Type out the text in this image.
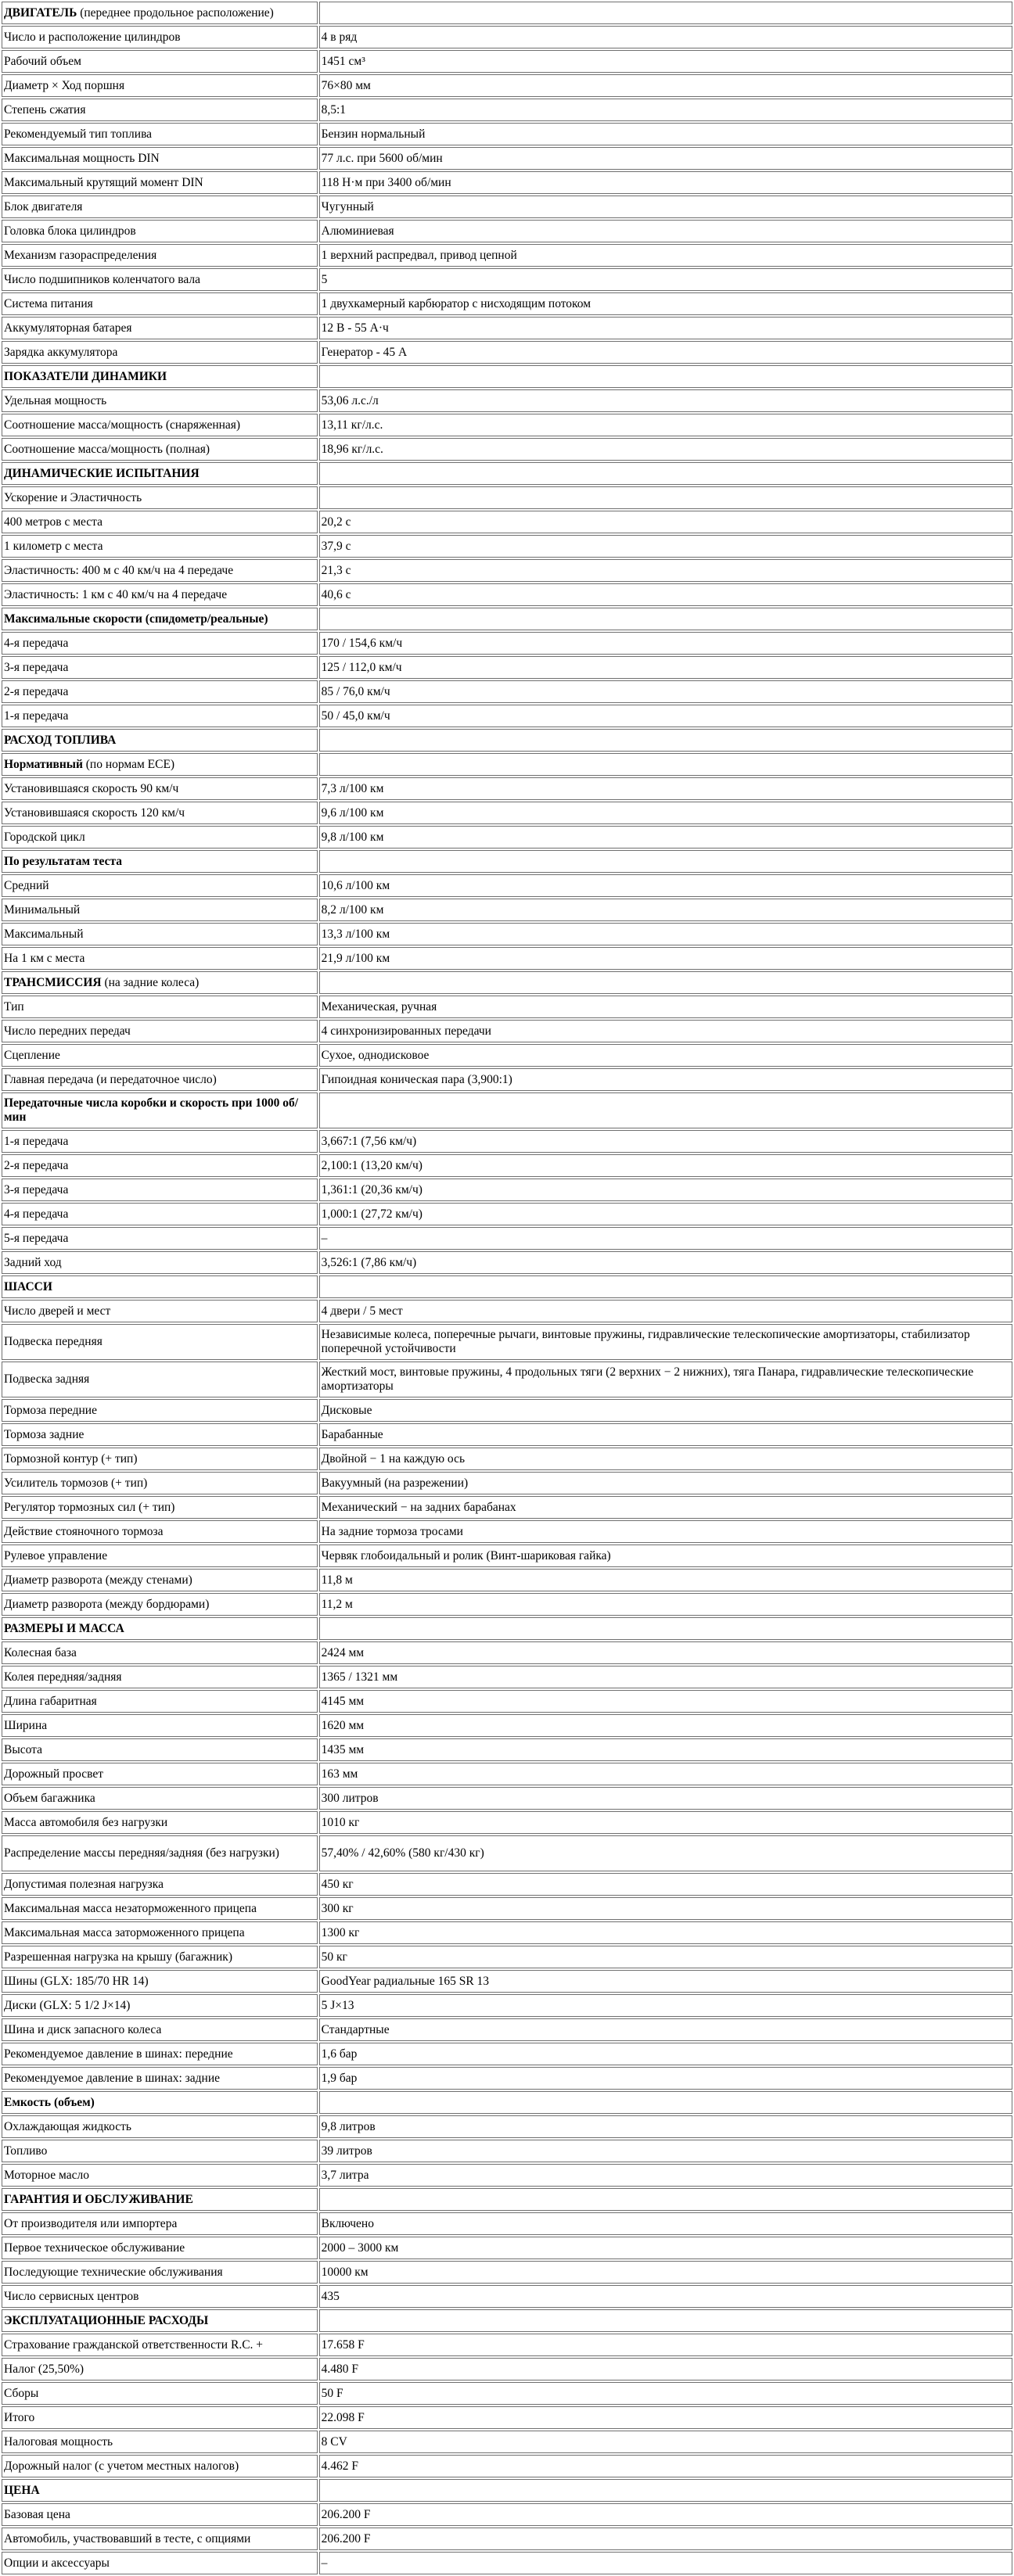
ДВИГАТЕЛЬ (переднее продольное расположение)	
Число и расположение цилиндров	4 в ряд
Рабочий объем	1451 см³
Диаметр × Ход поршня	76×80 мм
Степень сжатия	8,5:1
Рекомендуемый тип топлива	Бензин нормальный
Максимальная мощность DIN	77 л.с. при 5600 об/мин
Максимальный крутящий момент DIN	118 Н·м при 3400 об/мин
Блок двигателя	Чугунный
Головка блока цилиндров	Алюминиевая
Механизм газораспределения	1 верхний распредвал, привод цепной
Число подшипников коленчатого вала	5
Система питания	1 двухкамерный карбюратор с нисходящим потоком
Аккумуляторная батарея	12 В - 55 А·ч
Зарядка аккумулятора	Генератор - 45 А
ПОКАЗАТЕЛИ ДИНАМИКИ	
Удельная мощность	53,06 л.с./л
Соотношение масса/мощность (снаряженная)	13,11 кг/л.с.
Соотношение масса/мощность (полная)	18,96 кг/л.с.
ДИНАМИЧЕСКИЕ ИСПЫТАНИЯ	
Ускорение и Эластичность	
400 метров с места	20,2 с
1 километр с места	37,9 с
Эластичность: 400 м с 40 км/ч на 4 передаче	21,3 с
Эластичность: 1 км с 40 км/ч на 4 передаче	40,6 с
Максимальные скорости (спидометр/реальные)	
4-я передача	170 / 154,6 км/ч
3-я передача	125 / 112,0 км/ч
2-я передача	85 / 76,0 км/ч
1-я передача	50 / 45,0 км/ч
РАСХОД ТОПЛИВА	
Нормативный (по нормам ЕСЕ)	
Установившаяся скорость 90 км/ч	7,3 л/100 км
Установившаяся скорость 120 км/ч	9,6 л/100 км
Городской цикл	9,8 л/100 км
По результатам теста	
Средний	10,6 л/100 км
Минимальный	8,2 л/100 км
Максимальный	13,3 л/100 км
На 1 км с места	21,9 л/100 км
ТРАНСМИССИЯ (на задние колеса)	
Тип	Механическая, ручная
Число передних передач	4 синхронизированных передачи
Сцепление	Сухое, однодисковое
Главная передача (и передаточное число)	Гипоидная коническая пара (3,900:1)
Передаточные числа коробки и скорость при 1000 об/мин	
1-я передача	3,667:1 (7,56 км/ч)
2-я передача	2,100:1 (13,20 км/ч)
3-я передача	1,361:1 (20,36 км/ч)
4-я передача	1,000:1 (27,72 км/ч)
5-я передача	–
Задний ход	3,526:1 (7,86 км/ч)
ШАССИ	
Число дверей и мест	4 двери / 5 мест
Подвеска передняя	Независимые колеса, поперечные рычаги, винтовые пружины, гидравлические телескопические амортизаторы, стабилизатор поперечной устойчивости
Подвеска задняя	Жесткий мост, винтовые пружины, 4 продольных тяги (2 верхних − 2 нижних), тяга Панара, гидравлические телескопические амортизаторы
Тормоза передние	Дисковые
Тормоза задние	Барабанные
Тормозной контур (+ тип)	Двойной − 1 на каждую ось
Усилитель тормозов (+ тип)	Вакуумный (на разрежении)
Регулятор тормозных сил (+ тип)	Механический − на задних барабанах
Действие стояночного тормоза	На задние тормоза тросами
Рулевое управление	Червяк глобоидальный и ролик (Винт-шариковая гайка)
Диаметр разворота (между стенами)	11,8 м
Диаметр разворота (между бордюрами)	11,2 м
РАЗМЕРЫ И МАССА	
Колесная база	2424 мм
Колея передняя/задняя	1365 / 1321 мм
Длина габаритная	4145 мм
Ширина	1620 мм
Высота	1435 мм
Дорожный просвет	163 мм
Объем багажника	300 литров
Масса автомобиля без нагрузки	1010 кг
Распределение массы передняя/задняя (без нагрузки)	57,40% / 42,60% (580 кг/430 кг)
Допустимая полезная нагрузка	450 кг
Максимальная масса незаторможенного прицепа	300 кг
Максимальная масса заторможенного прицепа	1300 кг
Разрешенная нагрузка на крышу (багажник)	50 кг
Шины (GLX: 185/70 HR 14)	GoodYear радиальные 165 SR 13
Диски (GLX: 5 1/2 J×14)	5 J×13
Шина и диск запасного колеса	Стандартные
Рекомендуемое давление в шинах: передние	1,6 бар
Рекомендуемое давление в шинах: задние	1,9 бар
Емкость (объем)	
Охлаждающая жидкость	9,8 литров
Топливо	39 литров
Моторное масло	3,7 литра
ГАРАНТИЯ И ОБСЛУЖИВАНИЕ	
От производителя или импортера	Включено
Первое техническое обслуживание	2000 – 3000 км
Последующие технические обслуживания	10000 км
Число сервисных центров	435
ЭКСПЛУАТАЦИОННЫЕ РАСХОДЫ	
Страхование гражданской ответственности R.C. +	17.658 F
Налог (25,50%)	4.480 F
Сборы	50 F
Итого	22.098 F
Налоговая мощность	8 CV
Дорожный налог (с учетом местных налогов)	4.462 F
ЦЕНА	
Базовая цена	206.200 F
Автомобиль, участвовавший в тесте, с опциями	206.200 F
Опции и аксессуары	–
